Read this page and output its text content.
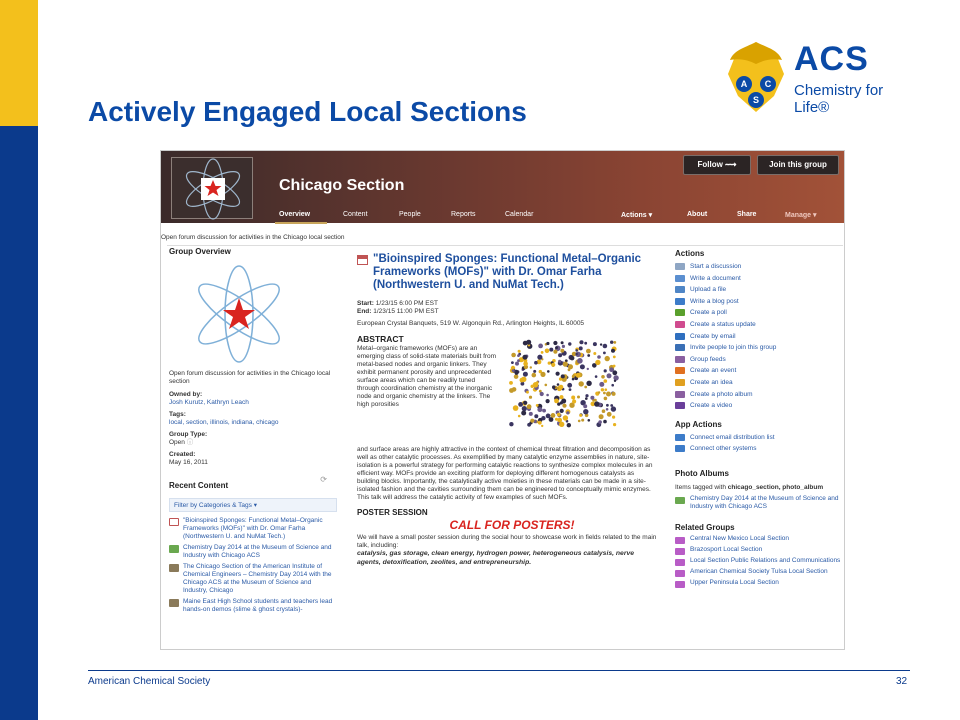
Actively Engaged Local Sections
A C
S
ACS
Chemistry for Life®
Chicago Section
Follow ⟿	Join this group
Overview	Content	People	Reports	Calendar	Actions ▾	About	Share	Manage ▾
Open forum discussion for activities in the Chicago local section
Group Overview
Open forum discussion for activities in the Chicago local section
Owned by:
Josh Kurutz, Kathryn Leach
Tags:
local, section, illinois, indiana, chicago
Group Type:
Open ⓘ
Created:
May 16, 2011
Recent Content
⟳
Filter by Categories & Tags ▾
"Bioinspired Sponges: Functional Metal–Organic Frameworks (MOFs)" with Dr. Omar Farha (Northwestern U. and NuMat Tech.)
Chemistry Day 2014 at the Museum of Science and Industry with Chicago ACS
The Chicago Section of the American Institute of Chemical Engineers – Chemistry Day 2014 with the Chicago ACS at the Museum of Science and Industry, Chicago
Maine East High School students and teachers lead hands-on demos (slime & ghost crystals)-
"Bioinspired Sponges: Functional Metal–Organic Frameworks (MOFs)" with Dr. Omar Farha (Northwestern U. and NuMat Tech.)
Start: 1/23/15 6:00 PM EST
End: 1/23/15 11:00 PM EST
European Crystal Banquets, 519 W. Algonquin Rd., Arlington Heights, IL 60005
ABSTRACT
Metal–organic frameworks (MOFs) are an emerging class of solid-state materials built from metal-based nodes and organic linkers. They exhibit permanent porosity and unprecedented surface areas which can be readily tuned through coordination chemistry at the inorganic node and organic chemistry at the linkers. The high porosities
and surface areas are highly attractive in the context of chemical threat filtration and decomposition as well as other catalytic processes. As exemplified by many catalytic enzyme assemblies in nature, site-isolation is a powerful strategy for performing catalytic reactions to synthesize complex molecules in an efficient way. MOFs provide an exciting platform for deploying different homogenous catalysts as building blocks. Importantly, the catalytically active moieties in these materials can be made in a site-isolated fashion and the cavities surrounding them can be engineered to conceptually mimic enzymes. This talk will address the catalytic activity of few examples of such MOFs.
POSTER SESSION
CALL FOR POSTERS!
We will have a small poster session during the social hour to showcase work in fields related to the main talk, including:
catalysis, gas storage, clean energy, hydrogen power, heterogeneous catalysis, nerve agents, detoxification, zeolites, and entrepreneurship.
Actions
Start a discussion
Write a document
Upload a file
Write a blog post
Create a poll
Create a status update
Create by email
Invite people to join this group
Group feeds
Create an event
Create an idea
Create a photo album
Create a video
App Actions
Connect email distribution list
Connect other systems
Photo Albums
Items tagged with chicago_section, photo_album
Chemistry Day 2014 at the Museum of Science and Industry with Chicago ACS
Related Groups
Central New Mexico Local Section
Brazosport Local Section
Local Section Public Relations and Communications
American Chemical Society Tulsa Local Section
Upper Peninsula Local Section
American Chemical Society	32
